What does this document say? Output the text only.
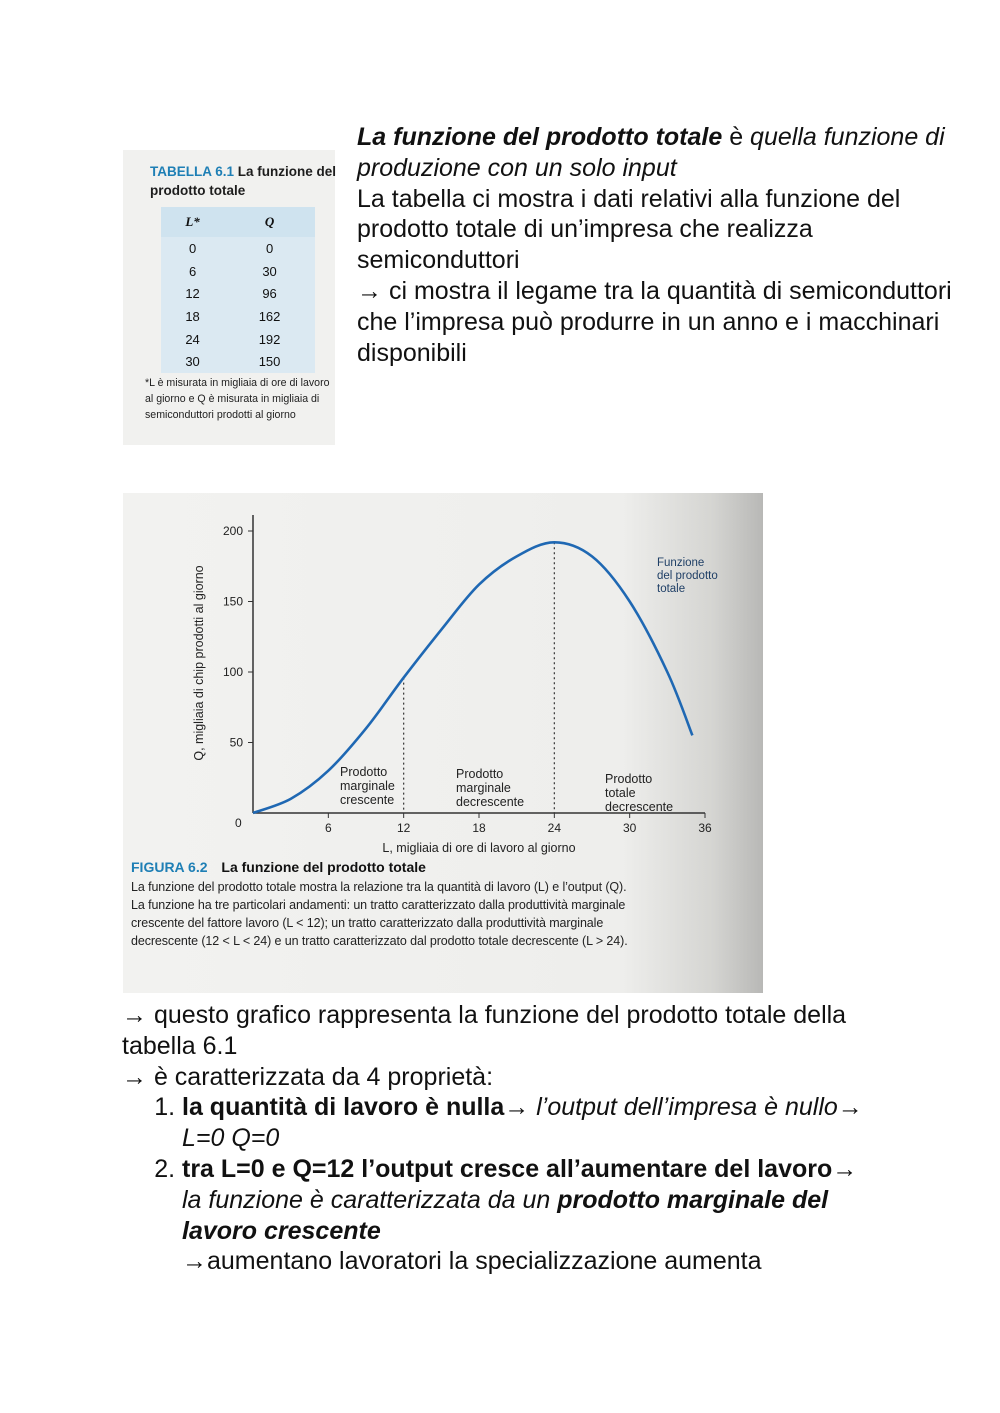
TABELLA 6.1 La funzione del prodotto totale
L*	Q
0	0
6	30
12	96
18	162
24	192
30	150
*L è misurata in migliaia di ore di lavoro al giorno e Q è misurata in migliaia di semiconduttori prodotti al giorno

La funzione del prodotto totale è quella funzione di produzione con un solo input

La tabella ci mostra i dati relativi alla funzione del prodotto totale di un’impresa che realizza semiconduttori

→ ci mostra il legame tra la quantità di semiconduttori che l’impresa può produrre in un anno e i macchinari disponibili

6	12	18	24	30	36
50
100
150
200
Q, migliaia di chip prodotti al giorno
L, migliaia di ore di lavoro al giorno
0
Prodotto marginale crescente
Prodotto marginale decrescente
Prodotto totale decrescente
Funzione del prodotto totale
FIGURA 6.2 La funzione del prodotto totale
La funzione del prodotto totale mostra la relazione tra la quantità di lavoro (L) e l’output (Q).
La funzione ha tre particolari andamenti: un tratto caratterizzato dalla produttività marginale
crescente del fattore lavoro (L < 12); un tratto caratterizzato dalla produttività marginale
decrescente (12 < L < 24) e un tratto caratterizzato dal prodotto totale decrescente (L > 24).

→ questo grafico rappresenta la funzione del prodotto totale della tabella 6.1

→ è caratterizzata da 4 proprietà:

1. la quantità di lavoro è nulla→ l’output dell’impresa è nullo→ L=0 Q=0
2. tra L=0 e Q=12 l’output cresce all’aumentare del lavoro→ la funzione è caratterizzata da un prodotto marginale del lavoro crescente
→aumentano lavoratori la specializzazione aumenta
